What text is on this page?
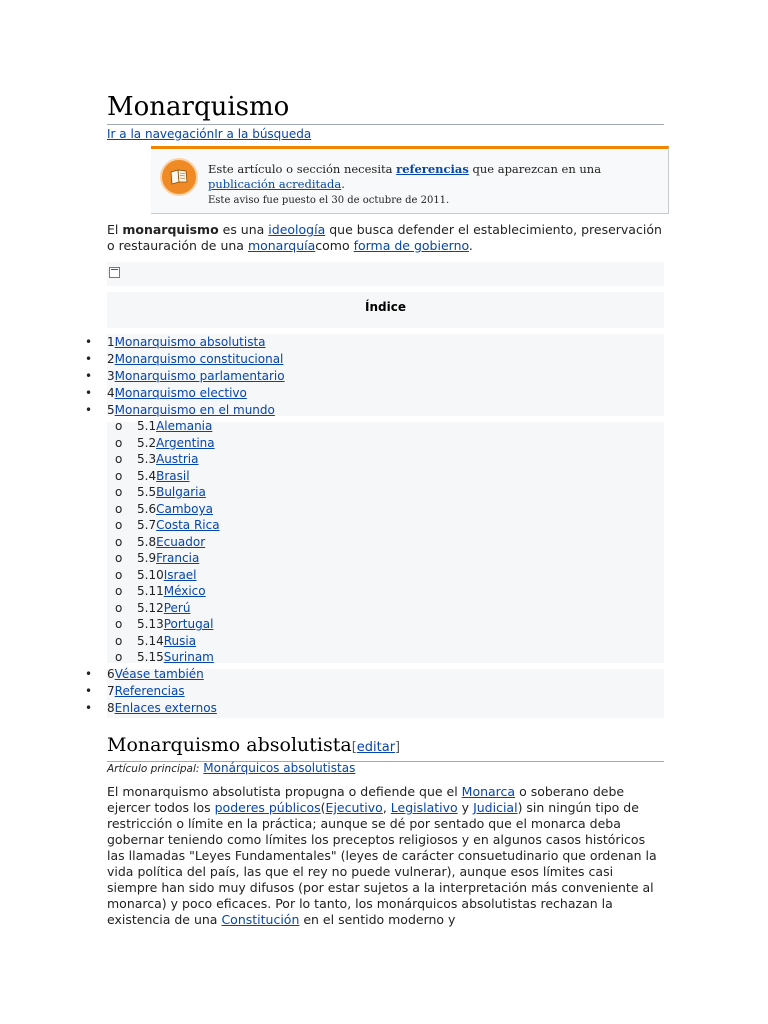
Monarquismo
Ir a la navegaciónIr a la búsqueda
Este artículo o sección necesita referencias que aparezcan en una publicación acreditada.
Este aviso fue puesto el 30 de octubre de 2011.

El monarquismo es una ideología que busca defender el establecimiento, preservación o restauración de una monarquíacomo forma de gobierno.

Índice
• 1Monarquismo absolutista
• 2Monarquismo constitucional
• 3Monarquismo parlamentario
• 4Monarquismo electivo
• 5Monarquismo en el mundo
o 5.1Alemania
o 5.2Argentina
o 5.3Austria
o 5.4Brasil
o 5.5Bulgaria
o 5.6Camboya
o 5.7Costa Rica
o 5.8Ecuador
o 5.9Francia
o 5.10Israel
o 5.11México
o 5.12Perú
o 5.13Portugal
o 5.14Rusia
o 5.15Surinam
• 6Véase también
• 7Referencias
• 8Enlaces externos
Monarquismo absolutista[editar]
Artículo principal: Monárquicos absolutistas

El monarquismo absolutista propugna o defiende que el Monarca o soberano debe ejercer todos los poderes públicos(Ejecutivo, Legislativo y Judicial) sin ningún tipo de restricción o límite en la práctica; aunque se dé por sentado que el monarca deba gobernar teniendo como límites los preceptos religiosos y en algunos casos históricos las llamadas "Leyes Fundamentales" (leyes de carácter consuetudinario que ordenan la vida política del país, las que el rey no puede vulnerar), aunque esos límites casi siempre han sido muy difusos (por estar sujetos a la interpretación más conveniente al monarca) y poco eficaces. Por lo tanto, los monárquicos absolutistas rechazan la existencia de una Constitución en el sentido moderno y
